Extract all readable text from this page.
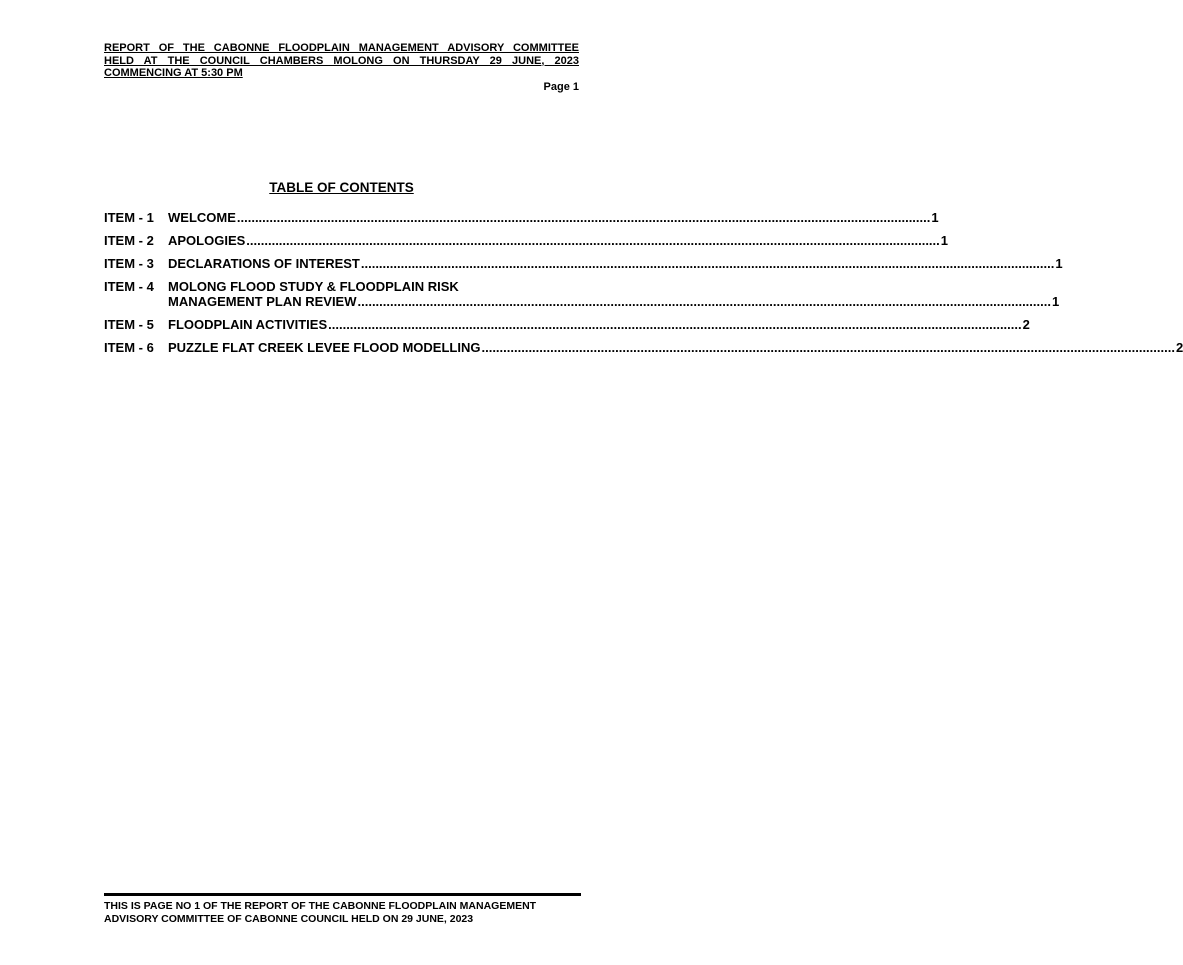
REPORT OF THE CABONNE FLOODPLAIN MANAGEMENT ADVISORY COMMITTEE
HELD AT THE COUNCIL CHAMBERS MOLONG ON THURSDAY 29 JUNE, 2023
COMMENCING AT 5:30 PM
Page 1
TABLE OF CONTENTS
ITEM - 1	WELCOME .....	1
ITEM - 2	APOLOGIES .....	1
ITEM - 3	DECLARATIONS OF INTEREST .....	1
ITEM - 4	MOLONG FLOOD STUDY & FLOODPLAIN RISK
MANAGEMENT PLAN REVIEW .....	1
ITEM - 5	FLOODPLAIN ACTIVITIES .....	2
ITEM - 6	PUZZLE FLAT CREEK LEVEE FLOOD MODELLING .....	2
THIS IS PAGE NO 1 OF THE REPORT OF THE CABONNE FLOODPLAIN MANAGEMENT
ADVISORY COMMITTEE OF CABONNE COUNCIL HELD ON 29 JUNE, 2023
